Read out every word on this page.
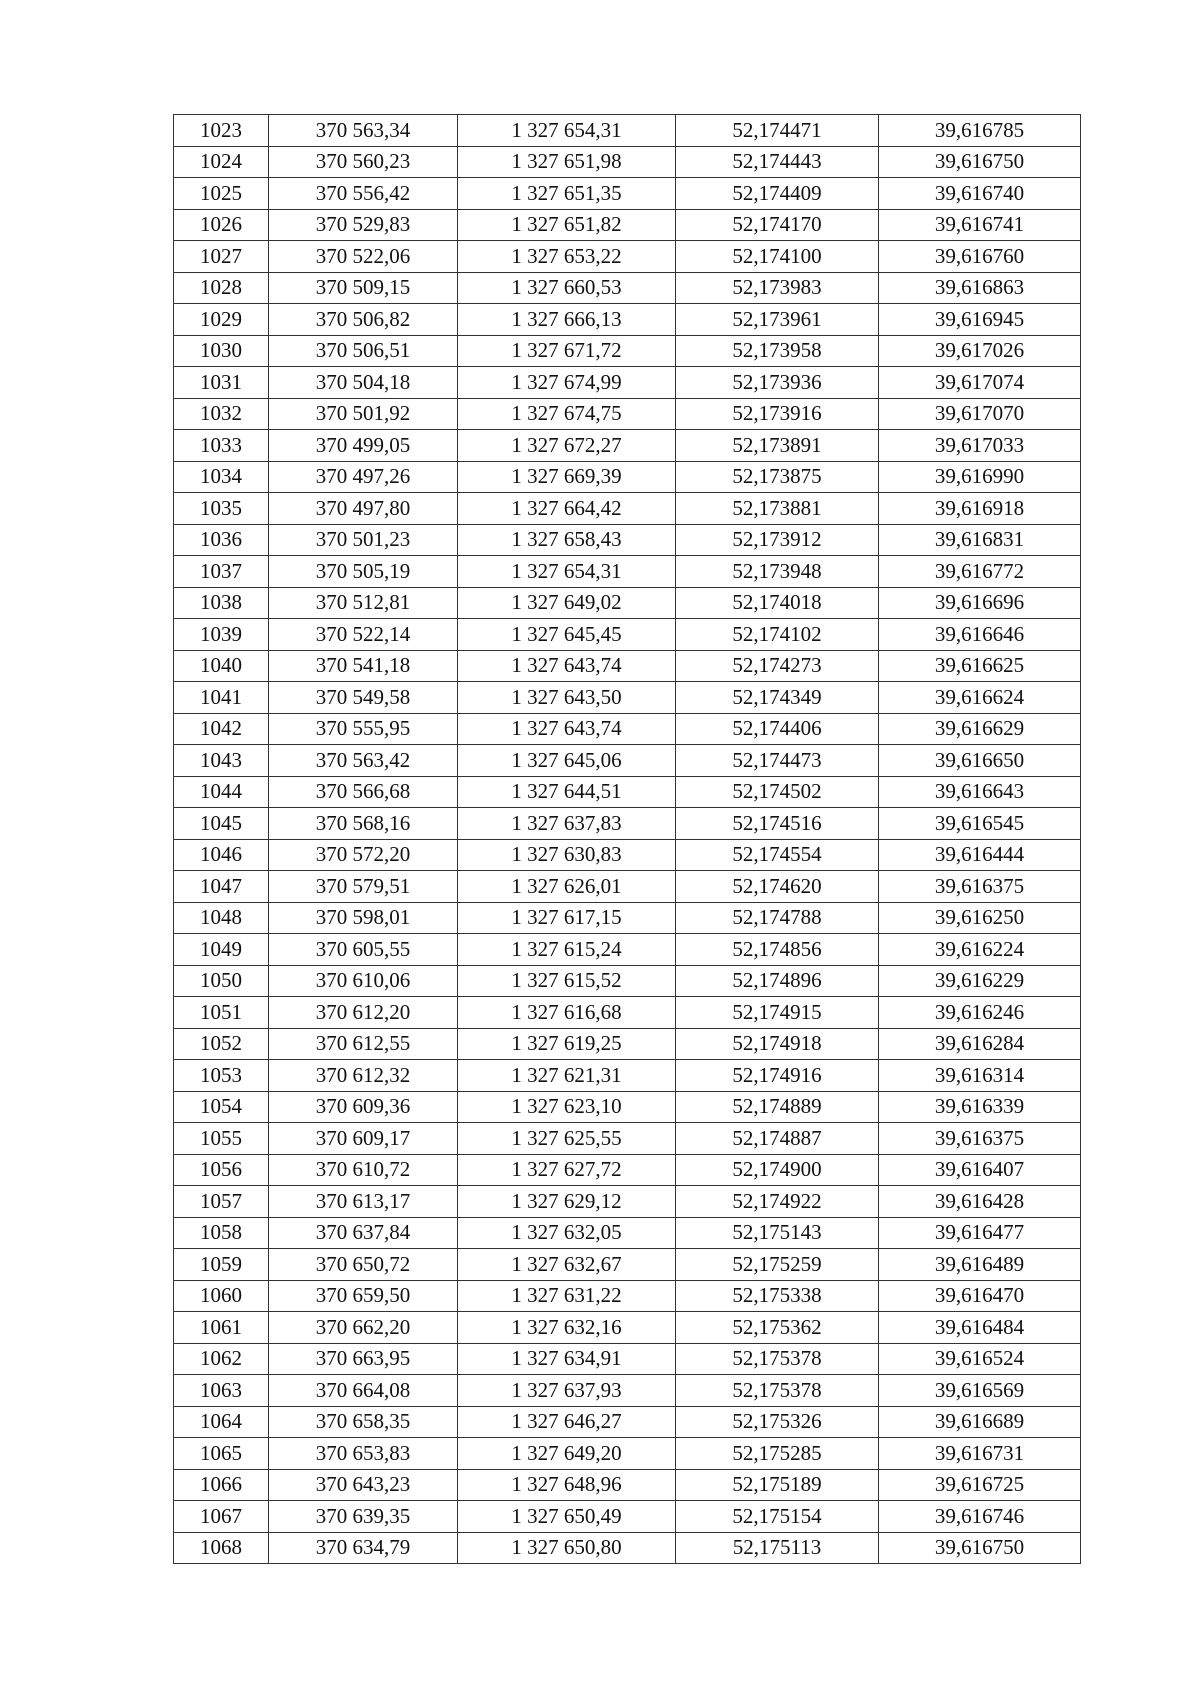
1023	370 563,34	1 327 654,31	52,174471	39,616785
1024	370 560,23	1 327 651,98	52,174443	39,616750
1025	370 556,42	1 327 651,35	52,174409	39,616740
1026	370 529,83	1 327 651,82	52,174170	39,616741
1027	370 522,06	1 327 653,22	52,174100	39,616760
1028	370 509,15	1 327 660,53	52,173983	39,616863
1029	370 506,82	1 327 666,13	52,173961	39,616945
1030	370 506,51	1 327 671,72	52,173958	39,617026
1031	370 504,18	1 327 674,99	52,173936	39,617074
1032	370 501,92	1 327 674,75	52,173916	39,617070
1033	370 499,05	1 327 672,27	52,173891	39,617033
1034	370 497,26	1 327 669,39	52,173875	39,616990
1035	370 497,80	1 327 664,42	52,173881	39,616918
1036	370 501,23	1 327 658,43	52,173912	39,616831
1037	370 505,19	1 327 654,31	52,173948	39,616772
1038	370 512,81	1 327 649,02	52,174018	39,616696
1039	370 522,14	1 327 645,45	52,174102	39,616646
1040	370 541,18	1 327 643,74	52,174273	39,616625
1041	370 549,58	1 327 643,50	52,174349	39,616624
1042	370 555,95	1 327 643,74	52,174406	39,616629
1043	370 563,42	1 327 645,06	52,174473	39,616650
1044	370 566,68	1 327 644,51	52,174502	39,616643
1045	370 568,16	1 327 637,83	52,174516	39,616545
1046	370 572,20	1 327 630,83	52,174554	39,616444
1047	370 579,51	1 327 626,01	52,174620	39,616375
1048	370 598,01	1 327 617,15	52,174788	39,616250
1049	370 605,55	1 327 615,24	52,174856	39,616224
1050	370 610,06	1 327 615,52	52,174896	39,616229
1051	370 612,20	1 327 616,68	52,174915	39,616246
1052	370 612,55	1 327 619,25	52,174918	39,616284
1053	370 612,32	1 327 621,31	52,174916	39,616314
1054	370 609,36	1 327 623,10	52,174889	39,616339
1055	370 609,17	1 327 625,55	52,174887	39,616375
1056	370 610,72	1 327 627,72	52,174900	39,616407
1057	370 613,17	1 327 629,12	52,174922	39,616428
1058	370 637,84	1 327 632,05	52,175143	39,616477
1059	370 650,72	1 327 632,67	52,175259	39,616489
1060	370 659,50	1 327 631,22	52,175338	39,616470
1061	370 662,20	1 327 632,16	52,175362	39,616484
1062	370 663,95	1 327 634,91	52,175378	39,616524
1063	370 664,08	1 327 637,93	52,175378	39,616569
1064	370 658,35	1 327 646,27	52,175326	39,616689
1065	370 653,83	1 327 649,20	52,175285	39,616731
1066	370 643,23	1 327 648,96	52,175189	39,616725
1067	370 639,35	1 327 650,49	52,175154	39,616746
1068	370 634,79	1 327 650,80	52,175113	39,616750
